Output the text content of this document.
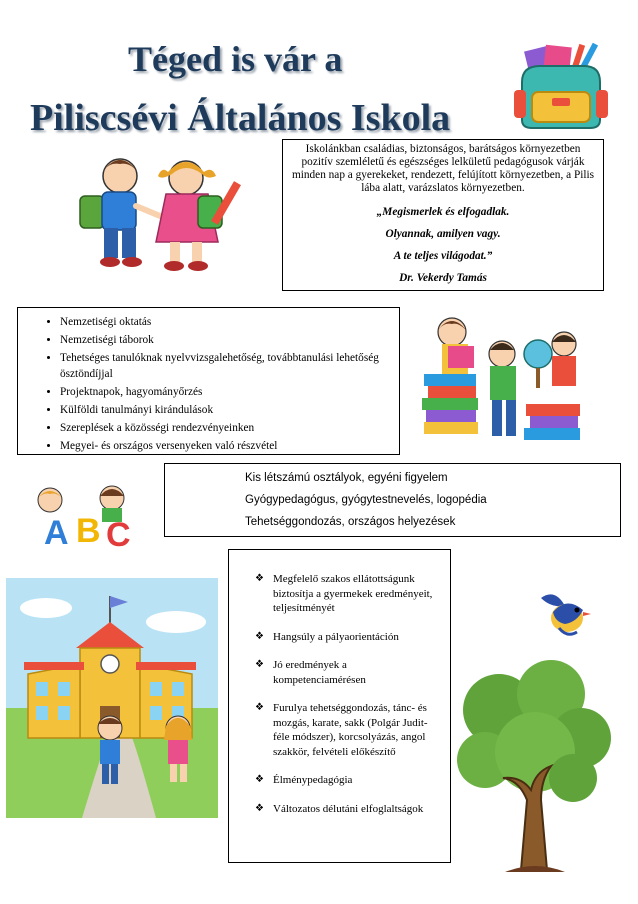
Téged is vár a
Piliscsévi Általános Iskola

Iskolánkban családias, biztonságos, barátságos környezetben pozitív szemléletű és egészséges lelkületű pedagógusok várják minden nap a gyerekeket, rendezett, felújított környezetben, a Pilis lába alatt, varázslatos környezetben.

„Megismerlek és elfogadlak.

Olyannak, amilyen vagy.

A te teljes világodat.”

Dr. Vekerdy Tamás

• Nemzetiségi oktatás
• Nemzetiségi táborok
• Tehetséges tanulóknak nyelvvizsgalehetőség, továbbtanulási lehetőség ösztöndíjjal
• Projektnapok, hagyományőrzés
• Külföldi tanulmányi kirándulások
• Szereplések a közösségi rendezvényeinken
• Megyei- és országos versenyeken való részvétel
A B C
Kis létszámú osztályok, egyéni figyelem
Gyógypedagógus, gyógytestnevelés, logopédia
Tehetséggondozás, országos helyezések
❖ Megfelelő szakos ellátottságunk biztosítja a gyermekek eredményeit, teljesítményét
❖ Hangsúly a pályaorientáción
❖ Jó eredmények a kompetenciamérésen
❖ Furulya tehetséggondozás, tánc- és mozgás, karate, sakk (Polgár Judit-féle módszer), korcsolyázás, angol szakkör, felvételi előkészítő
❖ Élménypedagógia
❖ Változatos délutáni elfoglaltságok
